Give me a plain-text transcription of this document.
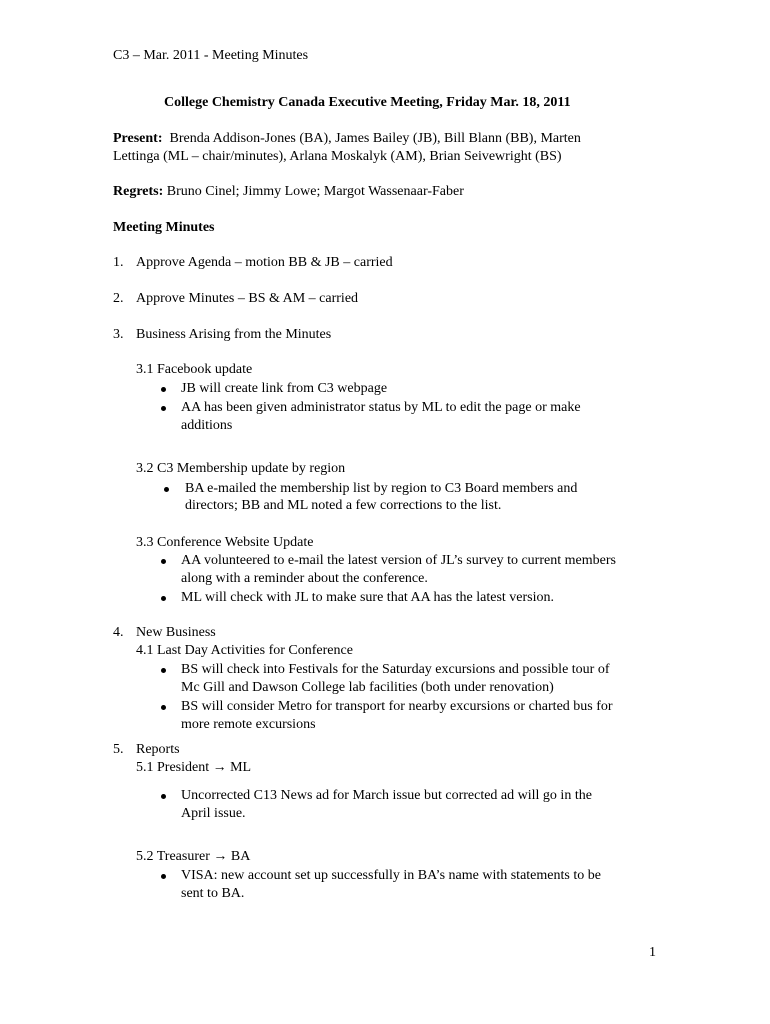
C3 – Mar. 2011 - Meeting Minutes
College Chemistry Canada Executive Meeting, Friday Mar. 18, 2011
Present: Brenda Addison-Jones (BA), James Bailey (JB), Bill Blann (BB), Marten
Lettinga (ML – chair/minutes), Arlana Moskalyk (AM), Brian Seivewright (BS)
Regrets: Bruno Cinel; Jimmy Lowe; Margot Wassenaar-Faber
Meeting Minutes
1. Approve Agenda – motion BB & JB – carried
2. Approve Minutes – BS & AM – carried
3. Business Arising from the Minutes
3.1 Facebook update
JB will create link from C3 webpage
AA has been given administrator status by ML to edit the page or make
additions
3.2 C3 Membership update by region
BA e-mailed the membership list by region to C3 Board members and
directors; BB and ML noted a few corrections to the list.
3.3 Conference Website Update
AA volunteered to e-mail the latest version of JL’s survey to current members
along with a reminder about the conference.
ML will check with JL to make sure that AA has the latest version.
4. New Business
4.1 Last Day Activities for Conference
BS will check into Festivals for the Saturday excursions and possible tour of
Mc Gill and Dawson College lab facilities (both under renovation)
BS will consider Metro for transport for nearby excursions or charted bus for
more remote excursions
5. Reports
5.1 President → ML
Uncorrected C13 News ad for March issue but corrected ad will go in the
April issue.
5.2 Treasurer → BA
VISA: new account set up successfully in BA’s name with statements to be
sent to BA.
1
